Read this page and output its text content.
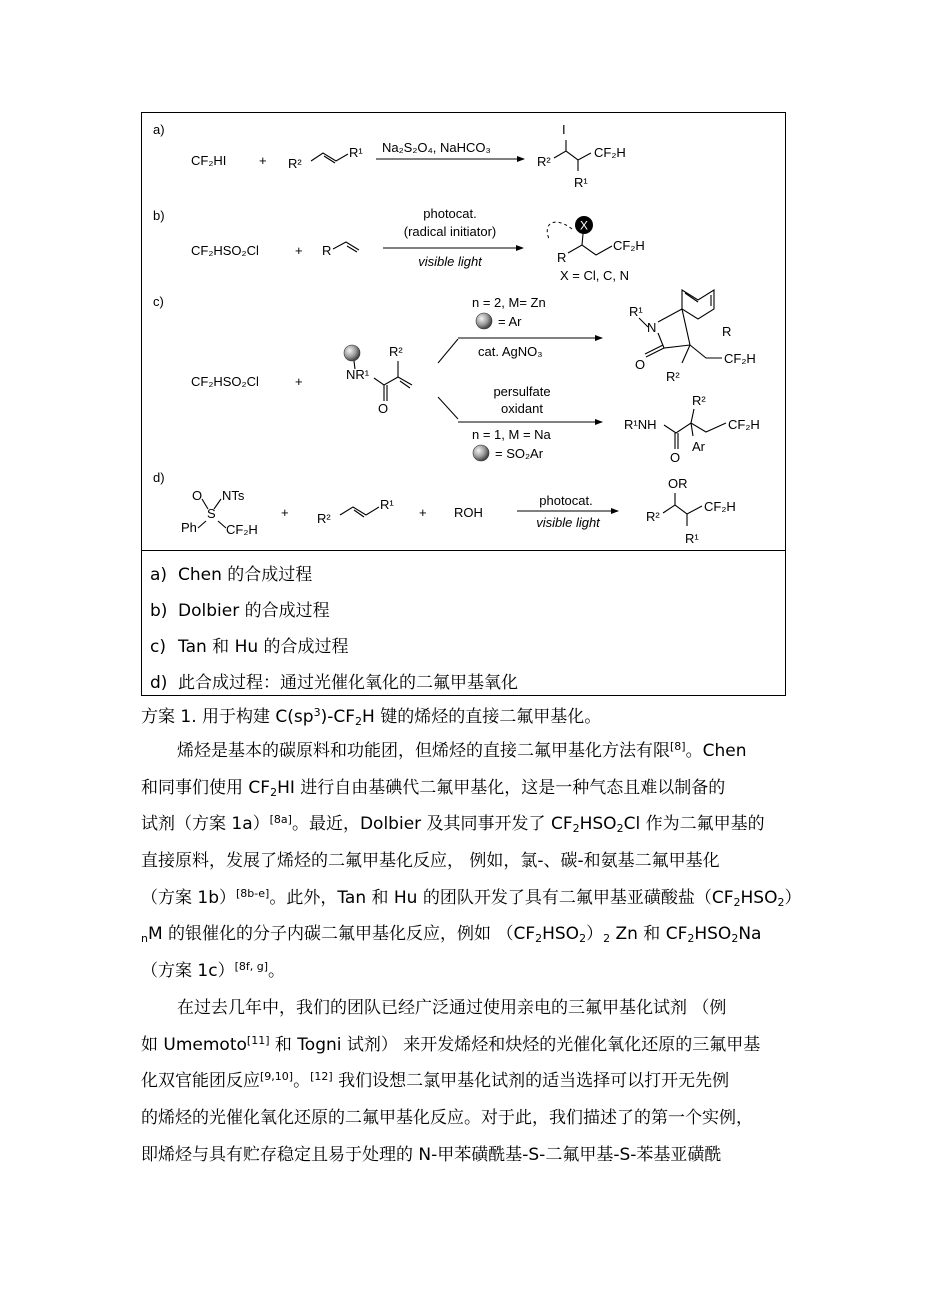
a)
CF₂HI	+ R²
R¹ Na₂S₂O₄, NaHCO₃
I
R²
CF₂H
R¹
b)
CF₂HSO₂Cl	+ R
photocat.
(radical initiator)
visible light
X
R
CF₂H
X = Cl, C, N
c)
CF₂HSO₂Cl	+	NR¹
O
R²
n = 2, M= Zn
= Ar
cat. AgNO₃
persulfate
oxidant
n = 1, M = Na
= SO₂Ar
R¹
N
O
R
CF₂H
R²
R²
R¹NH
O
Ar
CF₂H
d)
O NTs
S
Ph CF₂H
+ R²
R¹
+ ROH
photocat.
visible light
OR
R²
CF₂H
R¹
a) Chen 的合成过程
b) Dolbier 的合成过程
c) Tan 和 Hu 的合成过程
d) 此合成过程：通过光催化氧化的二氟甲基氧化
方案 1. 用于构建 $C(sp^3)-CF_2H$ 键的烯烃的直接二氟甲基化。
烯烃是基本的碳原料和功能团，但烯烃的直接二氟甲基化方法有限[8]。Chen
和同事们使用 $CF_2HI$ 进行自由基碘代二氟甲基化，这是一种气态且难以制备的
试剂（方案 1a）[8a]。最近，Dolbier 及其同事开发了 $CF_2HSO_2Cl$ 作为二氟甲基的
直接原料，发展了烯烃的二氟甲基化反应， 例如，氯-、碳-和氨基二氟甲基化
（方案 1b）[8b-e]。此外，Tan 和 Hu 的团队开发了具有二氟甲基亚磺酸盐$(CF_2HSO_2)$
$_n$M 的银催化的分子内碳二氟甲基化反应，例如 $(CF_2HSO_2)_2$ Zn 和 $CF_2HSO_2Na$
（方案 1c）[8f, g]。
在过去几年中，我们的团队已经广泛通过使用亲电的三氟甲基化试剂 （例
如 Umemoto[11] 和 Togni 试剂） 来开发烯烃和炔烃的光催化氧化还原的三氟甲基
化双官能团反应[9,10]。[12] 我们设想二氯甲基化试剂的适当选择可以打开无先例
的烯烃的光催化氧化还原的二氟甲基化反应。对于此，我们描述了的第一个实例，
即烯烃与具有贮存稳定且易于处理的 N-甲苯磺酰基-S-二氟甲基-S-苯基亚磺酰
